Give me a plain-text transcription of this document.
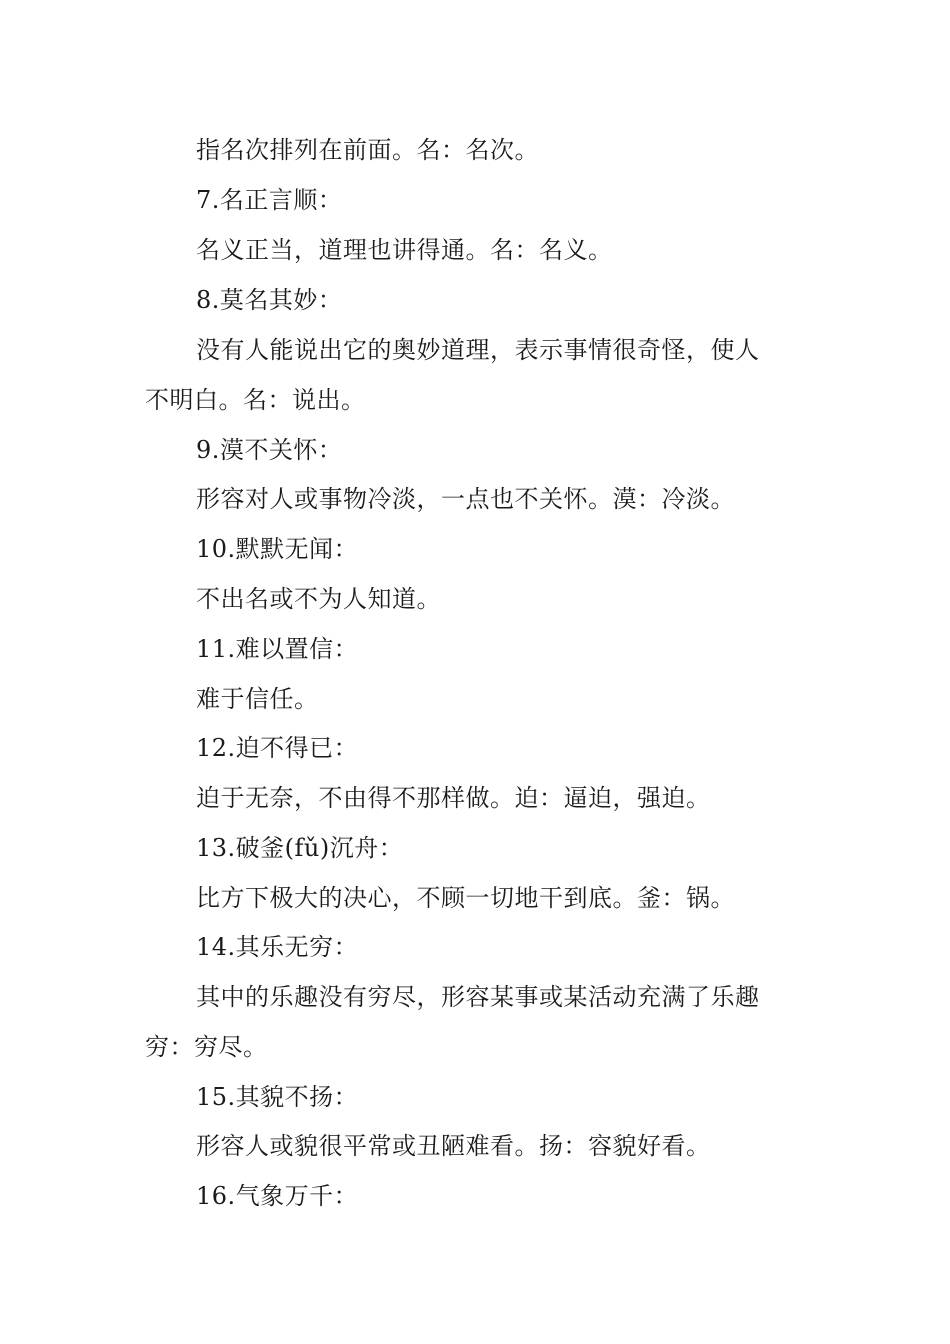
指名次排列在前面。名：名次。
7.名正言顺：
名义正当，道理也讲得通。名：名义。
8.莫名其妙：
没有人能说出它的奥妙道理，表示事情很奇怪，使人
不明白。名：说出。
9.漠不关怀：
形容对人或事物冷淡，一点也不关怀。漠：冷淡。
10.默默无闻：
不出名或不为人知道。
11.难以置信：
难于信任。
12.迫不得已：
迫于无奈，不由得不那样做。迫：逼迫，强迫。
13.破釜(fǔ)沉舟：
比方下极大的决心，不顾一切地干到底。釜：锅。
14.其乐无穷：
其中的乐趣没有穷尽，形容某事或某活动充满了乐趣
穷：穷尽。
15.其貌不扬：
形容人或貌很平常或丑陋难看。扬：容貌好看。
16.气象万千：
